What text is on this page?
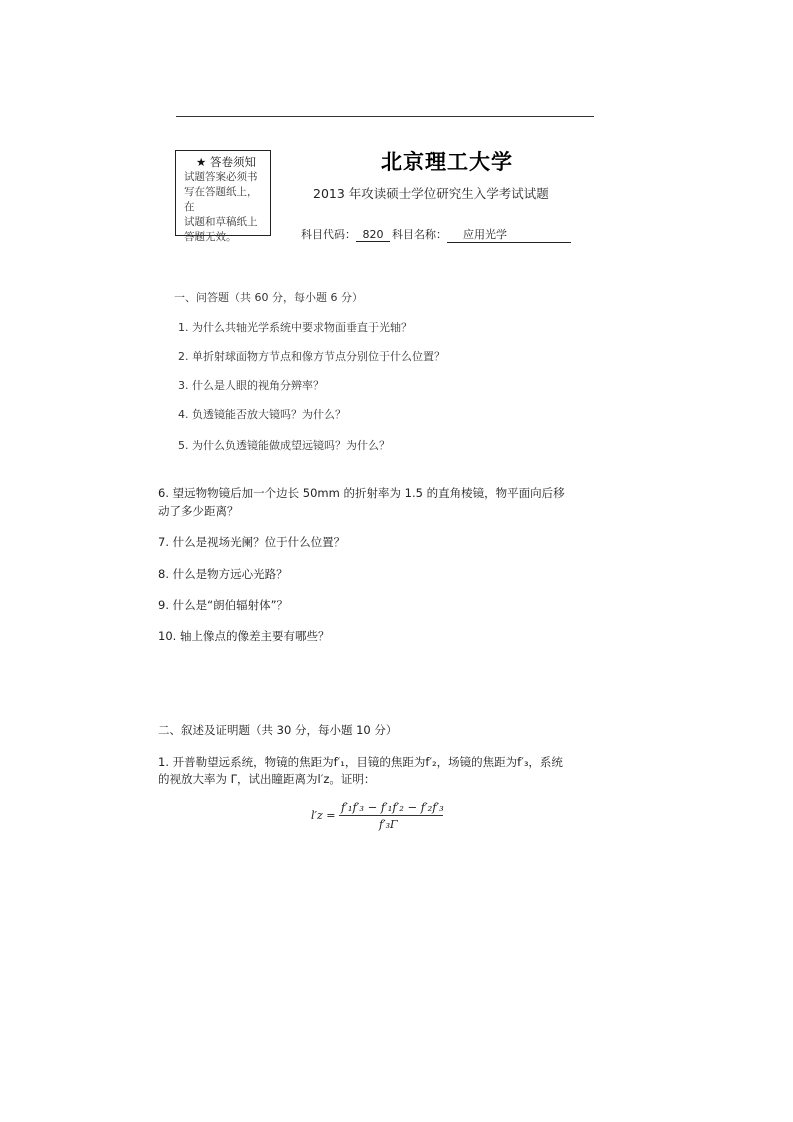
★ 答卷须知
试题答案必须书
写在答题纸上，在
试题和草稿纸上
答题无效。
北京理工大学
2013 年攻读硕士学位研究生入学考试试题
科目代码： 820 科目名称： 应用光学
一、问答题（共 60 分，每小题 6 分）
1. 为什么共轴光学系统中要求物面垂直于光轴？
2. 单折射球面物方节点和像方节点分别位于什么位置？
3. 什么是人眼的视角分辨率？
4. 负透镜能否放大镜吗？为什么？
5. 为什么负透镜能做成望远镜吗？为什么？
6. 望远物物镜后加一个边长 50mm 的折射率为 1.5 的直角棱镜，物平面向后移
动了多少距离？
7. 什么是视场光阑？位于什么位置？
8. 什么是物方远心光路？
9. 什么是“朗伯辐射体”？
10. 轴上像点的像差主要有哪些？
二、叙述及证明题（共 30 分，每小题 10 分）
1. 开普勒望远系统，物镜的焦距为f′₁，目镜的焦距为f′₂，场镜的焦距为f′₃，系统
的视放大率为 Γ，试出瞳距离为l′z。证明：
l′z =
f′₁f′₃ − f′₁f′₂ − f′₂f′₃
f′₃Γ
